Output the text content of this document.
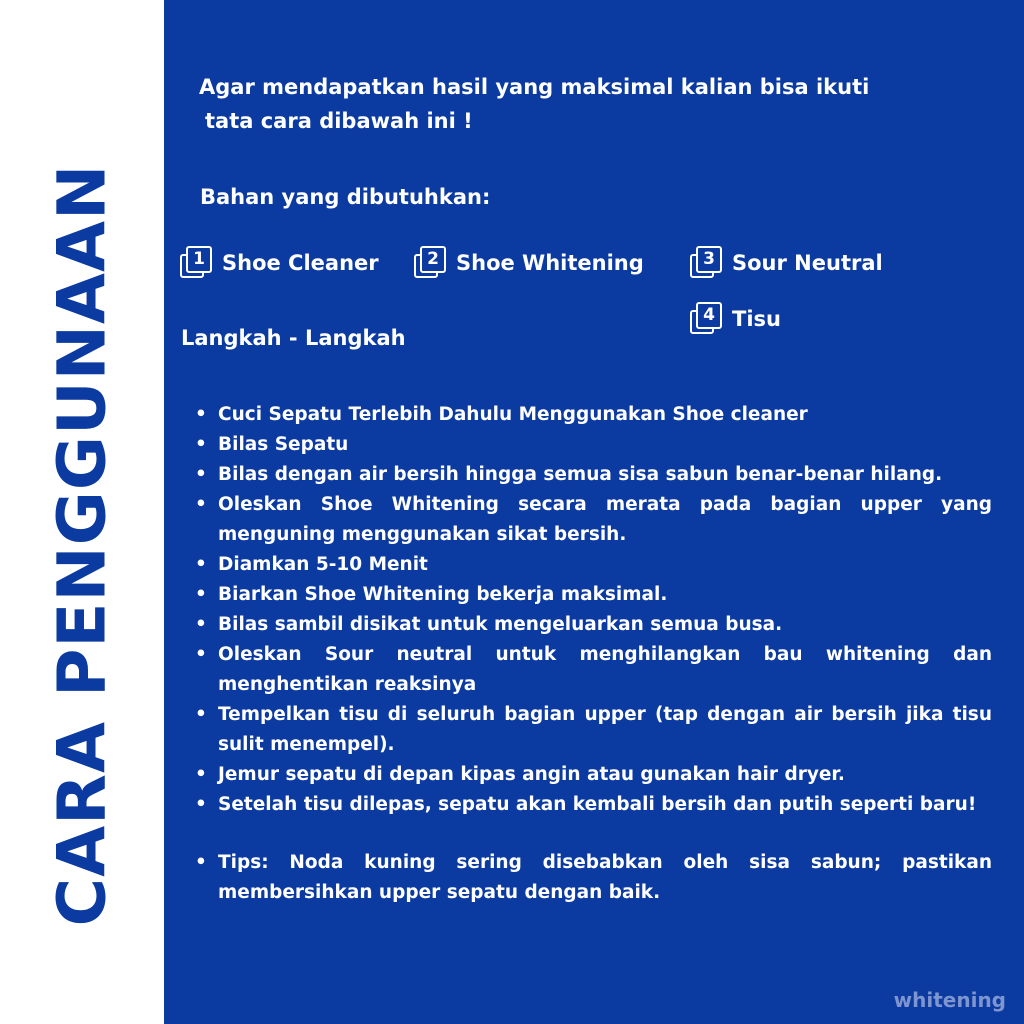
CARA PENGGUNAAN
Agar mendapatkan hasil yang maksimal kalian bisa ikuti
tata cara dibawah ini !
Bahan yang dibutuhkan:
1 Shoe Cleaner	2 Shoe Whitening	3 Sour Neutral
4 Tisu
Langkah - Langkah
• Cuci Sepatu Terlebih Dahulu Menggunakan Shoe cleaner
• Bilas Sepatu
• Bilas dengan air bersih hingga semua sisa sabun benar-benar hilang.
• Oleskan Shoe Whitening secara merata pada bagian upper yang menguning menggunakan sikat bersih.
• Diamkan 5-10 Menit
• Biarkan Shoe Whitening bekerja maksimal.
• Bilas sambil disikat untuk mengeluarkan semua busa.
• Oleskan Sour neutral untuk menghilangkan bau whitening dan menghentikan reaksinya
• Tempelkan tisu di seluruh bagian upper (tap dengan air bersih jika tisu sulit menempel).
• Jemur sepatu di depan kipas angin atau gunakan hair dryer.
• Setelah tisu dilepas, sepatu akan kembali bersih dan putih seperti baru!
• Tips: Noda kuning sering disebabkan oleh sisa sabun; pastikan membersihkan upper sepatu dengan baik.
whitening
